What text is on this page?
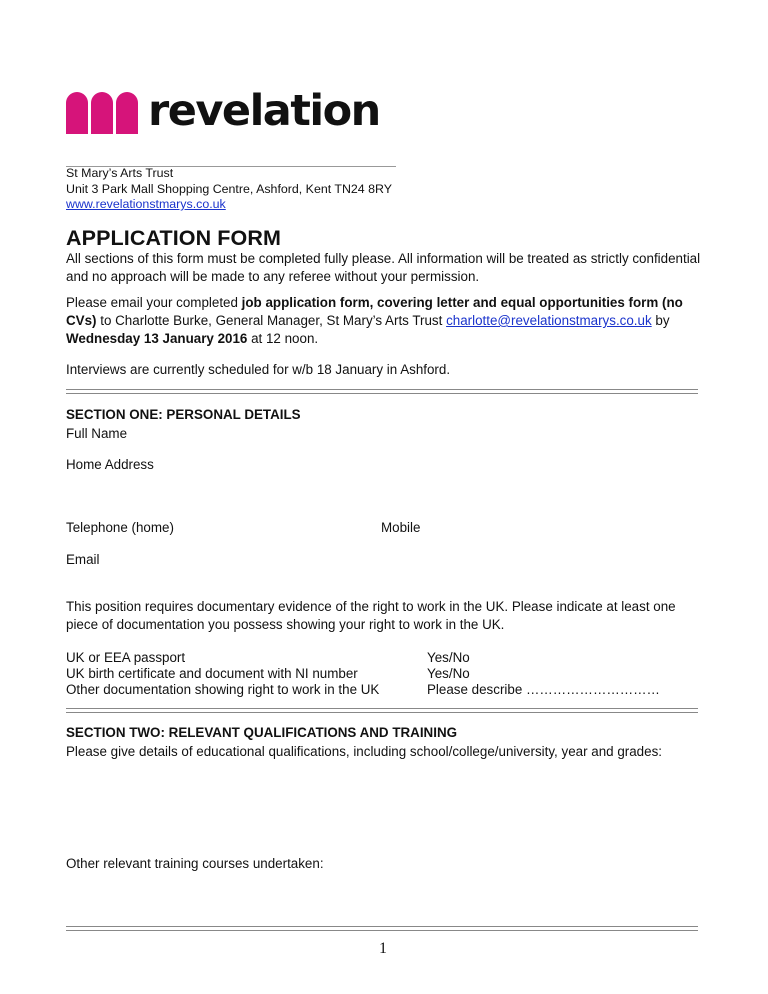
revelation
St Mary’s Arts Trust
Unit 3 Park Mall Shopping Centre, Ashford, Kent TN24 8RY
www.revelationstmarys.co.uk
APPLICATION FORM
All sections of this form must be completed fully please. All information will be treated as strictly confidential and no approach will be made to any referee without your permission.
Please email your completed job application form, covering letter and equal opportunities form (no CVs) to Charlotte Burke, General Manager, St Mary’s Arts Trust charlotte@revelationstmarys.co.uk by Wednesday 13 January 2016 at 12 noon.
Interviews are currently scheduled for w/b 18 January in Ashford.
SECTION ONE: PERSONAL DETAILS
Full Name
Home Address
Telephone (home)	Mobile
Email
This position requires documentary evidence of the right to work in the UK. Please indicate at least one piece of documentation you possess showing your right to work in the UK.
UK or EEA passport	Yes/No
UK birth certificate and document with NI number	Yes/No
Other documentation showing right to work in the UK	Please describe …………………………
SECTION TWO: RELEVANT QUALIFICATIONS AND TRAINING
Please give details of educational qualifications, including school/college/university, year and grades:
Other relevant training courses undertaken:
1
